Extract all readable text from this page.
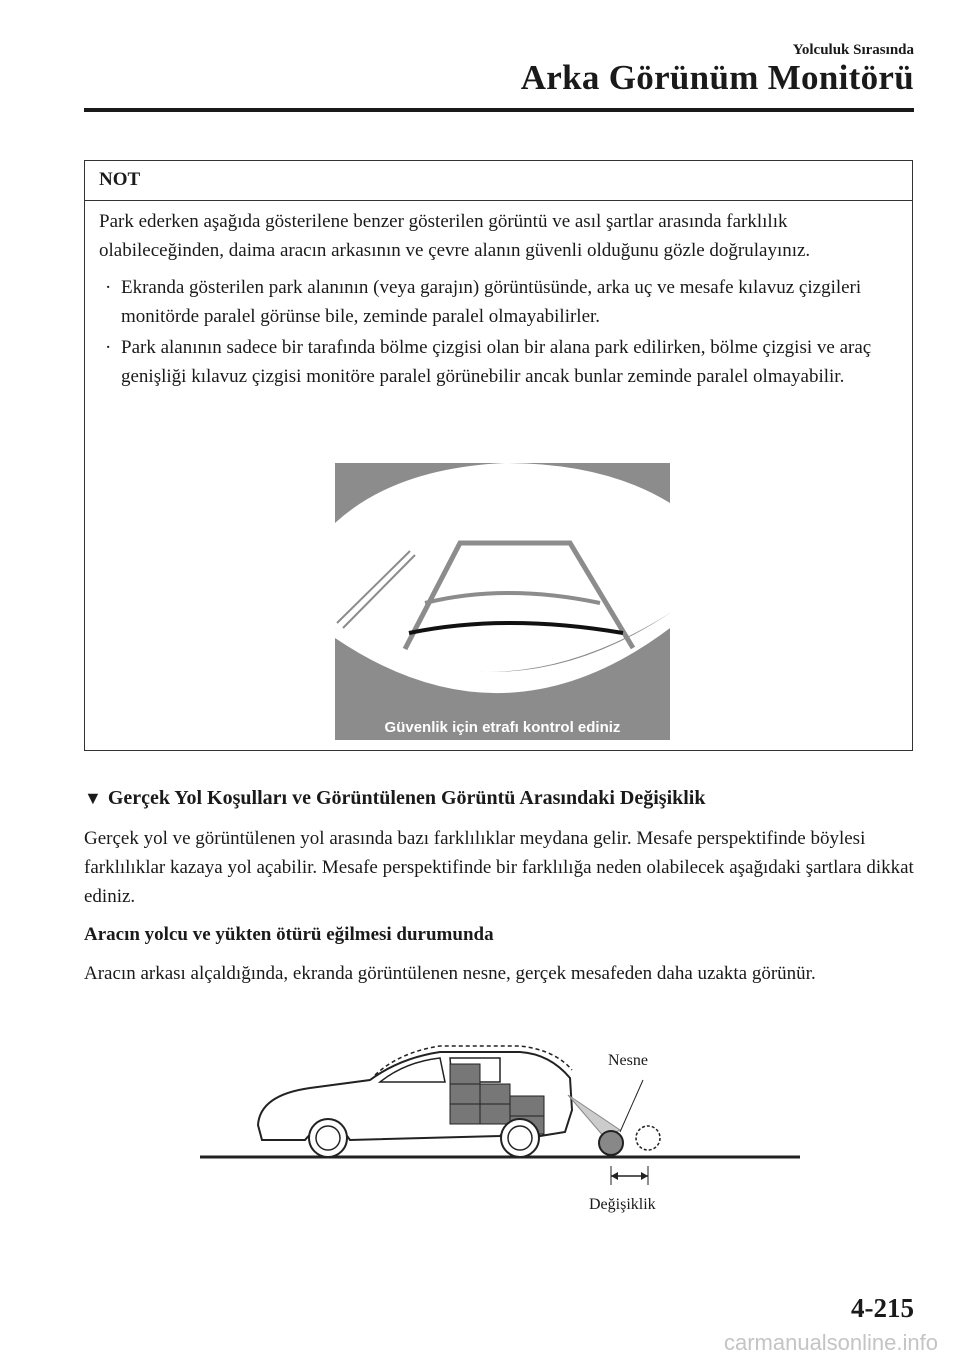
Yolculuk Sırasında
Arka Görünüm Monitörü
NOT

Park ederken aşağıda gösterilene benzer gösterilen görüntü ve asıl şartlar arasında farklılık olabileceğinden, daima aracın arkasının ve çevre alanın güvenli olduğunu gözle doğrulayınız.

· Ekranda gösterilen park alanının (veya garajın) görüntüsünde, arka uç ve mesafe kılavuz çizgileri monitörde paralel görünse bile, zeminde paralel olmayabilirler.
· Park alanının sadece bir tarafında bölme çizgisi olan bir alana park edilirken, bölme çizgisi ve araç genişliği kılavuz çizgisi monitöre paralel görünebilir ancak bunlar zeminde paralel olmayabilir.
Güvenlik için etrafı kontrol ediniz
▼ Gerçek Yol Koşulları ve Görüntülenen Görüntü Arasındaki Değişiklik
Gerçek yol ve görüntülenen yol arasında bazı farklılıklar meydana gelir. Mesafe perspektifinde böylesi farklılıklar kazaya yol açabilir. Mesafe perspektifinde bir farklılığa neden olabilecek aşağıdaki şartlara dikkat ediniz.
Aracın yolcu ve yükten ötürü eğilmesi durumunda
Aracın arkası alçaldığında, ekranda görüntülenen nesne, gerçek mesafeden daha uzakta görünür.
Nesne
Değişiklik
4-215
carmanualsonline.info
